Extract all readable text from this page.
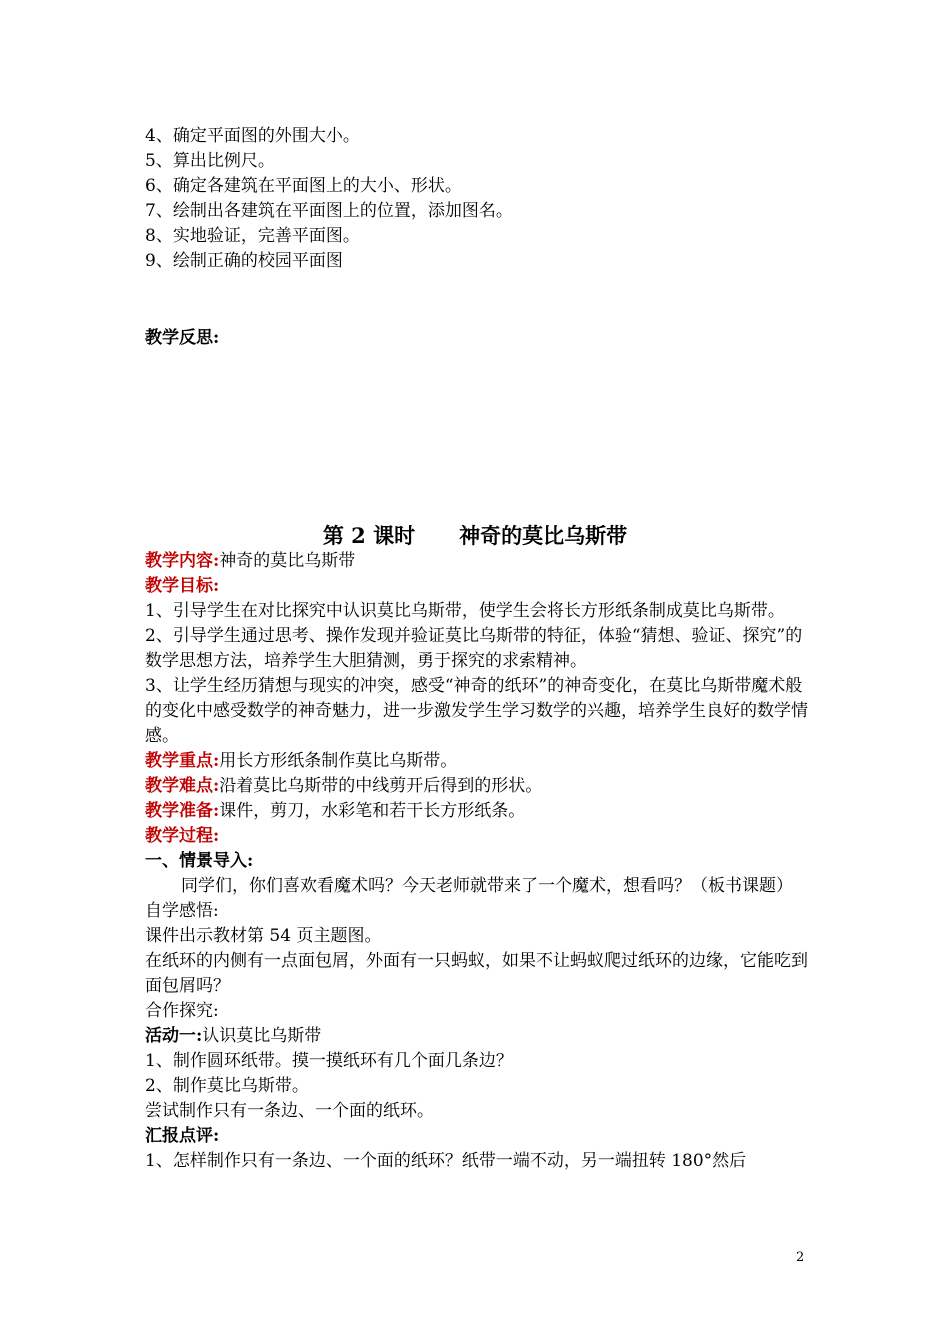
4、确定平面图的外围大小。
5、算出比例尺。
6、确定各建筑在平面图上的大小、形状。
7、绘制出各建筑在平面图上的位置，添加图名。
8、实地验证，完善平面图。
9、绘制正确的校园平面图
教学反思:
第 2 课时 神奇的莫比乌斯带
教学内容:神奇的莫比乌斯带
教学目标:
1、引导学生在对比探究中认识莫比乌斯带，使学生会将长方形纸条制成莫比乌斯带。
2、引导学生通过思考、操作发现并验证莫比乌斯带的特征，体验“猜想、验证、探究”的数学思想方法，培养学生大胆猜测，勇于探究的求索精神。
3、让学生经历猜想与现实的冲突，感受“神奇的纸环”的神奇变化，在莫比乌斯带魔术般的变化中感受数学的神奇魅力，进一步激发学生学习数学的兴趣，培养学生良好的数学情感。
教学重点:用长方形纸条制作莫比乌斯带。
教学难点:沿着莫比乌斯带的中线剪开后得到的形状。
教学准备:课件，剪刀，水彩笔和若干长方形纸条。
教学过程:
一、情景导入:
同学们，你们喜欢看魔术吗？今天老师就带来了一个魔术，想看吗？（板书课题）
自学感悟:
课件出示教材第 54 页主题图。
在纸环的内侧有一点面包屑，外面有一只蚂蚁，如果不让蚂蚁爬过纸环的边缘，它能吃到面包屑吗？
合作探究:
活动一:认识莫比乌斯带
1、制作圆环纸带。摸一摸纸环有几个面几条边？
2、制作莫比乌斯带。
尝试制作只有一条边、一个面的纸环。
汇报点评:
1、怎样制作只有一条边、一个面的纸环？纸带一端不动，另一端扭转 180°然后
2
